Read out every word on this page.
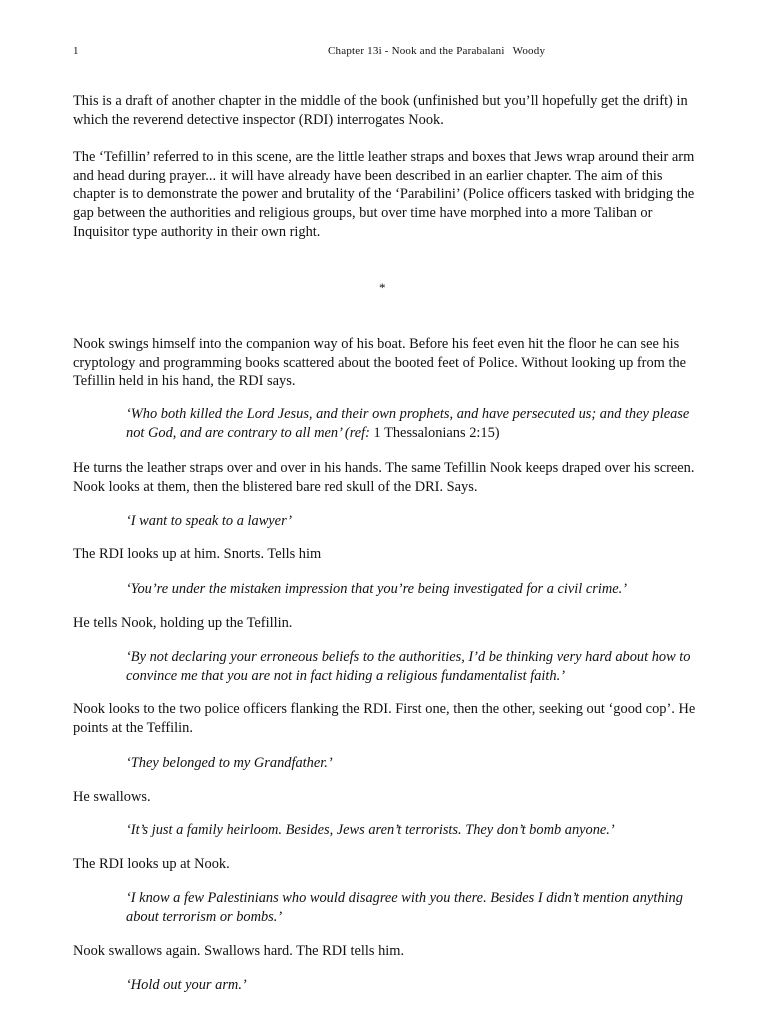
1	Chapter 13i - Nook and the Parabalani Woody

This is a draft of another chapter in the middle of the book (unfinished but you’ll hopefully get the drift) in which the reverend detective inspector (RDI) interrogates Nook.

The ‘Tefillin’ referred to in this scene, are the little leather straps and boxes that Jews wrap around their arm and head during prayer... it will have already have been described in an earlier chapter. The aim of this chapter is to demonstrate the power and brutality of the ‘Parabilini’ (Police officers tasked with bridging the gap between the authorities and religious groups, but over time have morphed into a more Taliban or Inquisitor type authority in their own right.

*

Nook swings himself into the companion way of his boat. Before his feet even hit the floor he can see his cryptology and programming books scattered about the booted feet of Police. Without looking up from the Tefillin held in his hand, the RDI says.

‘Who both killed the Lord Jesus, and their own prophets, and have persecuted us; and they please not God, and are contrary to all men’ (ref: 1 Thessalonians 2:15)

He turns the leather straps over and over in his hands. The same Tefillin Nook keeps draped over his screen. Nook looks at them, then the blistered bare red skull of the DRI. Says.

‘I want to speak to a lawyer’

The RDI looks up at him. Snorts. Tells him

‘You’re under the mistaken impression that you’re being investigated for a civil crime.’

He tells Nook, holding up the Tefillin.

‘By not declaring your erroneous beliefs to the authorities, I’d be thinking very hard about how to convince me that you are not in fact hiding a religious fundamentalist faith.’

Nook looks to the two police officers flanking the RDI. First one, then the other, seeking out ‘good cop’. He points at the Teffilin.

‘They belonged to my Grandfather.’

He swallows.

‘It’s just a family heirloom. Besides, Jews aren’t terrorists. They don’t bomb anyone.’

The RDI looks up at Nook.

‘I know a few Palestinians who would disagree with you there. Besides I didn’t mention anything about terrorism or bombs.’

Nook swallows again. Swallows hard. The RDI tells him.

‘Hold out your arm.’
